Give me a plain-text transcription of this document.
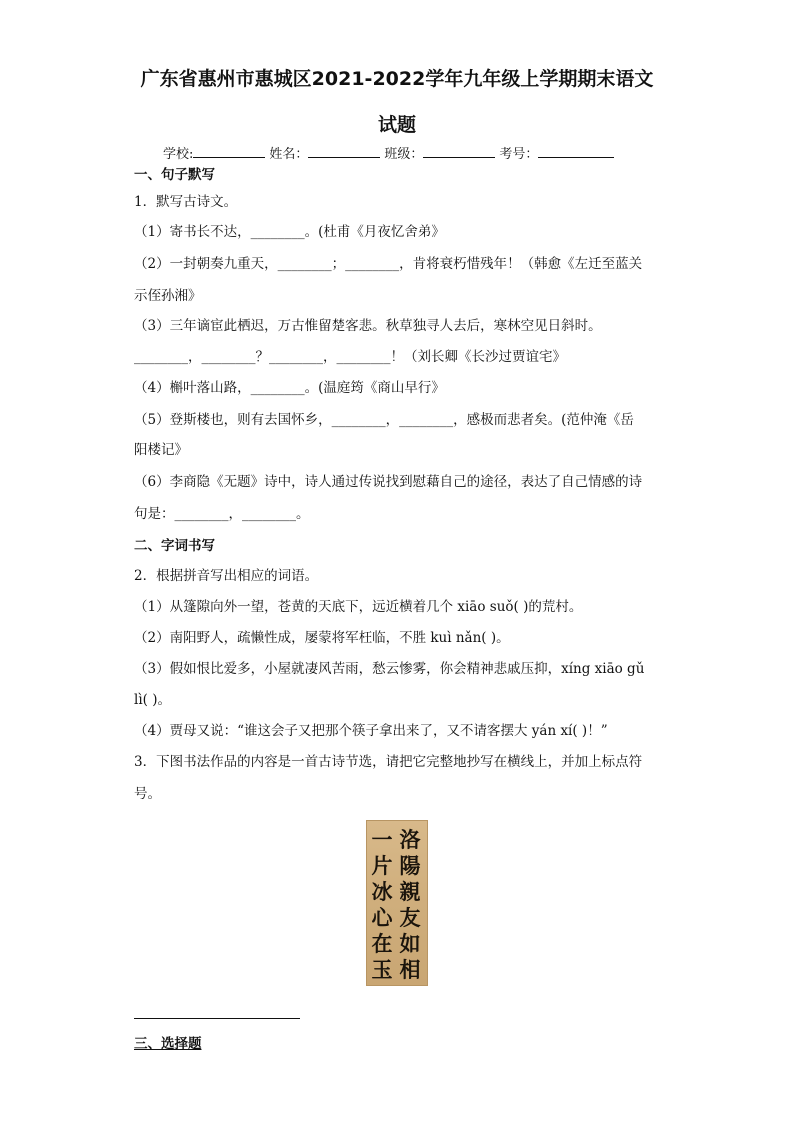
广东省惠州市惠城区2021-2022学年九年级上学期期末语文
试题
学校:	姓名：	班级：	考号：
一、句子默写
1．默写古诗文。
（1）寄书长不达，________。(杜甫《月夜忆舍弟》
（2）一封朝奏九重天，________；________，肯将衰朽惜残年！（韩愈《左迁至蓝关
示侄孙湘》
（3）三年谪宦此栖迟，万古惟留楚客悲。秋草独寻人去后，寒林空见日斜时。
________，________？________，________！（刘长卿《长沙过贾谊宅》
（4）槲叶落山路，________。(温庭筠《商山早行》
（5）登斯楼也，则有去国怀乡，________，________，感极而悲者矣。(范仲淹《岳
阳楼记》
（6）李商隐《无题》诗中，诗人通过传说找到慰藉自己的途径，表达了自己情感的诗
句是：________，________。
二、字词书写
2．根据拼音写出相应的词语。
（1）从篷隙向外一望，苍黄的天底下，远近横着几个 xiāo suǒ( )的荒村。
（2）南阳野人，疏懒性成，屡蒙将军枉临，不胜 kuì nǎn( )。
（3）假如恨比爱多，小屋就凄风苦雨，愁云惨雾，你会精神悲戚压抑，xíng xiāo gǔ
lì( )。
（4）贾母又说：“谁这会子又把那个筷子拿出来了，又不请客摆大 yán xí( )！”
3．下图书法作品的内容是一首古诗节选，请把它完整地抄写在横线上，并加上标点符
号。
洛
陽
親
友
如
相
一
片
冰
心
在
玉
三、选择题
